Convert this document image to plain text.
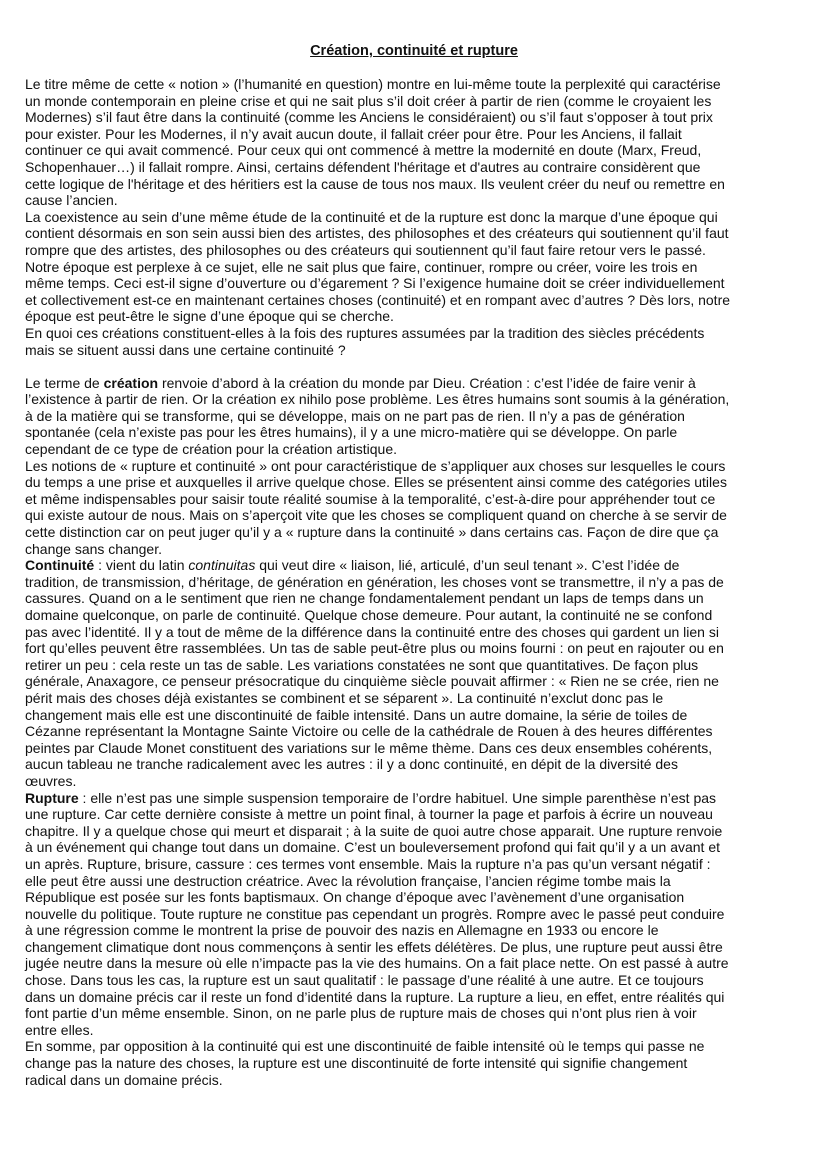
Création, continuité et rupture
Le titre même de cette « notion » (l’humanité en question) montre en lui-même toute la perplexité qui caractérise
un monde contemporain en pleine crise et qui ne sait plus s’il doit créer à partir de rien (comme le croyaient les
Modernes) s’il faut être dans la continuité (comme les Anciens le considéraient) ou s’il faut s’opposer à tout prix
pour exister. Pour les Modernes, il n’y avait aucun doute, il fallait créer pour être. Pour les Anciens, il fallait
continuer ce qui avait commencé. Pour ceux qui ont commencé à mettre la modernité en doute (Marx, Freud,
Schopenhauer…) il fallait rompre. Ainsi, certains défendent l'héritage et d'autres au contraire considèrent que
cette logique de l'héritage et des héritiers est la cause de tous nos maux. Ils veulent créer du neuf ou remettre en
cause l’ancien.
La coexistence au sein d’une même étude de la continuité et de la rupture est donc la marque d’une époque qui
contient désormais en son sein aussi bien des artistes, des philosophes et des créateurs qui soutiennent qu’il faut
rompre que des artistes, des philosophes ou des créateurs qui soutiennent qu’il faut faire retour vers le passé.
Notre époque est perplexe à ce sujet, elle ne sait plus que faire, continuer, rompre ou créer, voire les trois en
même temps. Ceci est-il signe d’ouverture ou d’égarement ? Si l’exigence humaine doit se créer individuellement
et collectivement est-ce en maintenant certaines choses (continuité) et en rompant avec d’autres ? Dès lors, notre
époque est peut-être le signe d’une époque qui se cherche.
En quoi ces créations constituent-elles à la fois des ruptures assumées par la tradition des siècles précédents
mais se situent aussi dans une certaine continuité ?
Le terme de création renvoie d’abord à la création du monde par Dieu. Création : c’est l’idée de faire venir à
l’existence à partir de rien. Or la création ex nihilo pose problème. Les êtres humains sont soumis à la génération,
à de la matière qui se transforme, qui se développe, mais on ne part pas de rien. Il n’y a pas de génération
spontanée (cela n’existe pas pour les êtres humains), il y a une micro-matière qui se développe. On parle
cependant de ce type de création pour la création artistique.
Les notions de « rupture et continuité » ont pour caractéristique de s’appliquer aux choses sur lesquelles le cours
du temps a une prise et auxquelles il arrive quelque chose. Elles se présentent ainsi comme des catégories utiles
et même indispensables pour saisir toute réalité soumise à la temporalité, c’est-à-dire pour appréhender tout ce
qui existe autour de nous. Mais on s’aperçoit vite que les choses se compliquent quand on cherche à se servir de
cette distinction car on peut juger qu’il y a « rupture dans la continuité » dans certains cas. Façon de dire que ça
change sans changer.
Continuité : vient du latin continuitas qui veut dire « liaison, lié, articulé, d’un seul tenant ». C’est l’idée de
tradition, de transmission, d’héritage, de génération en génération, les choses vont se transmettre, il n’y a pas de
cassures. Quand on a le sentiment que rien ne change fondamentalement pendant un laps de temps dans un
domaine quelconque, on parle de continuité. Quelque chose demeure. Pour autant, la continuité ne se confond
pas avec l’identité. Il y a tout de même de la différence dans la continuité entre des choses qui gardent un lien si
fort qu’elles peuvent être rassemblées. Un tas de sable peut-être plus ou moins fourni : on peut en rajouter ou en
retirer un peu : cela reste un tas de sable. Les variations constatées ne sont que quantitatives. De façon plus
générale, Anaxagore, ce penseur présocratique du cinquième siècle pouvait affirmer : « Rien ne se crée, rien ne
périt mais des choses déjà existantes se combinent et se séparent ». La continuité n’exclut donc pas le
changement mais elle est une discontinuité de faible intensité. Dans un autre domaine, la série de toiles de
Cézanne représentant la Montagne Sainte Victoire ou celle de la cathédrale de Rouen à des heures différentes
peintes par Claude Monet constituent des variations sur le même thème. Dans ces deux ensembles cohérents,
aucun tableau ne tranche radicalement avec les autres : il y a donc continuité, en dépit de la diversité des
œuvres.
Rupture : elle n’est pas une simple suspension temporaire de l’ordre habituel. Une simple parenthèse n’est pas
une rupture. Car cette dernière consiste à mettre un point final, à tourner la page et parfois à écrire un nouveau
chapitre. Il y a quelque chose qui meurt et disparait ; à la suite de quoi autre chose apparait. Une rupture renvoie
à un événement qui change tout dans un domaine. C’est un bouleversement profond qui fait qu’il y a un avant et
un après. Rupture, brisure, cassure : ces termes vont ensemble. Mais la rupture n’a pas qu’un versant négatif :
elle peut être aussi une destruction créatrice. Avec la révolution française, l’ancien régime tombe mais la
République est posée sur les fonts baptismaux. On change d’époque avec l’avènement d’une organisation
nouvelle du politique. Toute rupture ne constitue pas cependant un progrès. Rompre avec le passé peut conduire
à une régression comme le montrent la prise de pouvoir des nazis en Allemagne en 1933 ou encore le
changement climatique dont nous commençons à sentir les effets délétères. De plus, une rupture peut aussi être
jugée neutre dans la mesure où elle n’impacte pas la vie des humains. On a fait place nette. On est passé à autre
chose. Dans tous les cas, la rupture est un saut qualitatif : le passage d’une réalité à une autre. Et ce toujours
dans un domaine précis car il reste un fond d’identité dans la rupture. La rupture a lieu, en effet, entre réalités qui
font partie d’un même ensemble. Sinon, on ne parle plus de rupture mais de choses qui n’ont plus rien à voir
entre elles.
En somme, par opposition à la continuité qui est une discontinuité de faible intensité où le temps qui passe ne
change pas la nature des choses, la rupture est une discontinuité de forte intensité qui signifie changement
radical dans un domaine précis.
